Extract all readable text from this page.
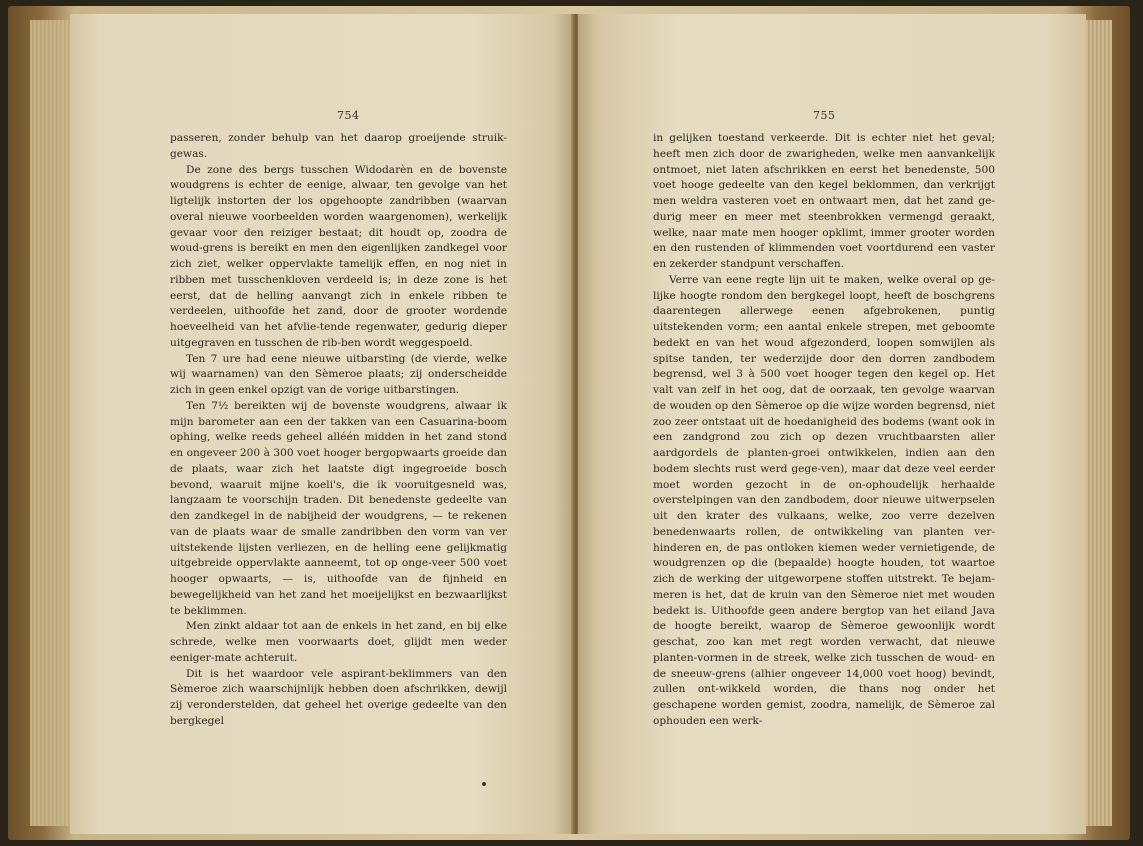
754

passeren, zonder behulp van het daarop groeijende struik-gewas.

De zone des bergs tusschen Widodarèn en de bovenste woudgrens is echter de eenige, alwaar, ten gevolge van het ligtelijk instorten der los opgehoopte zandribben (waarvan overal nieuwe voorbeelden worden waargenomen), werkelijk gevaar voor den reiziger bestaat; dit houdt op, zoodra de woud-grens is bereikt en men den eigenlijken zandkegel voor zich ziet, welker oppervlakte tamelijk effen, en nog niet in ribben met tusschenkloven verdeeld is; in deze zone is het eerst, dat de helling aanvangt zich in enkele ribben te verdeelen, uithoofde het zand, door de grooter wordende hoeveelheid van het afvlie-tende regenwater, gedurig dieper uitgegraven en tusschen de rib-ben wordt weggespoeld.

Ten 7 ure had eene nieuwe uitbarsting (de vierde, welke wij waarnamen) van den Sèmeroe plaats; zij onderscheidde zich in geen enkel opzigt van de vorige uitbarstingen.

Ten 7½ bereikten wij de bovenste woudgrens, alwaar ik mijn barometer aan een der takken van een Casuarina-boom ophing, welke reeds geheel alléén midden in het zand stond en ongeveer 200 à 300 voet hooger bergopwaarts groeide dan de plaats, waar zich het laatste digt ingegroeide bosch bevond, waaruit mijne koeli's, die ik vooruitgesneld was, langzaam te voorschijn traden. Dit benedenste gedeelte van den zandkegel in de nabijheid der woudgrens, — te rekenen van de plaats waar de smalle zandribben den vorm van ver uitstekende lijsten verliezen, en de helling eene gelijkmatig uitgebreide oppervlakte aanneemt, tot op onge-veer 500 voet hooger opwaarts, — is, uithoofde van de fijnheid en bewegelijkheid van het zand het moeijelijkst en bezwaarlijkst te beklimmen.

Men zinkt aldaar tot aan de enkels in het zand, en bij elke schrede, welke men voorwaarts doet, glijdt men weder eeniger-mate achteruit.

Dit is het waardoor vele aspirant-beklimmers van den Sèmeroe zich waarschijnlijk hebben doen afschrikken, dewijl zij veronderstelden, dat geheel het overige gedeelte van den bergkegel

755

in gelijken toestand verkeerde. Dit is echter niet het geval; heeft men zich door de zwarigheden, welke men aanvankelijk ontmoet, niet laten afschrikken en eerst het benedenste, 500 voet hooge gedeelte van den kegel beklommen, dan verkrijgt men weldra vasteren voet en ontwaart men, dat het zand ge-durig meer en meer met steenbrokken vermengd geraakt, welke, naar mate men hooger opklimt, immer grooter worden en den rustenden of klimmenden voet voortdurend een vaster en zekerder standpunt verschaffen.

Verre van eene regte lijn uit te maken, welke overal op ge-lijke hoogte rondom den bergkegel loopt, heeft de boschgrens daarentegen allerwege eenen afgebrokenen, puntig uitstekenden vorm; een aantal enkele strepen, met geboomte bedekt en van het woud afgezonderd, loopen somwijlen als spitse tanden, ter wederzijde door den dorren zandbodem begrensd, wel 3 à 500 voet hooger tegen den kegel op. Het valt van zelf in het oog, dat de oorzaak, ten gevolge waarvan de wouden op den Sèmeroe op die wijze worden begrensd, niet zoo zeer ontstaat uit de hoedanigheid des bodems (want ook in een zandgrond zou zich op dezen vruchtbaarsten aller aardgordels de planten-groei ontwikkelen, indien aan den bodem slechts rust werd gege-ven), maar dat deze veel eerder moet worden gezocht in de on-ophoudelijk herhaalde overstelpingen van den zandbodem, door nieuwe uitwerpselen uit den krater des vulkaans, welke, zoo verre dezelven benedenwaarts rollen, de ontwikkeling van planten ver-hinderen en, de pas ontloken kiemen weder vernietigende, de woudgrenzen op die (bepaalde) hoogte houden, tot waartoe zich de werking der uitgeworpene stoffen uitstrekt. Te bejam-meren is het, dat de kruin van den Sèmeroe niet met wouden bedekt is. Uithoofde geen andere bergtop van het eiland Java de hoogte bereikt, waarop de Sèmeroe gewoonlijk wordt geschat, zoo kan met regt worden verwacht, dat nieuwe planten-vormen in de streek, welke zich tusschen de woud- en de sneeuw-grens (alhier ongeveer 14,000 voet hoog) bevindt, zullen ont-wikkeld worden, die thans nog onder het geschapene worden gemist, zoodra, namelijk, de Sèmeroe zal ophouden een werk-
